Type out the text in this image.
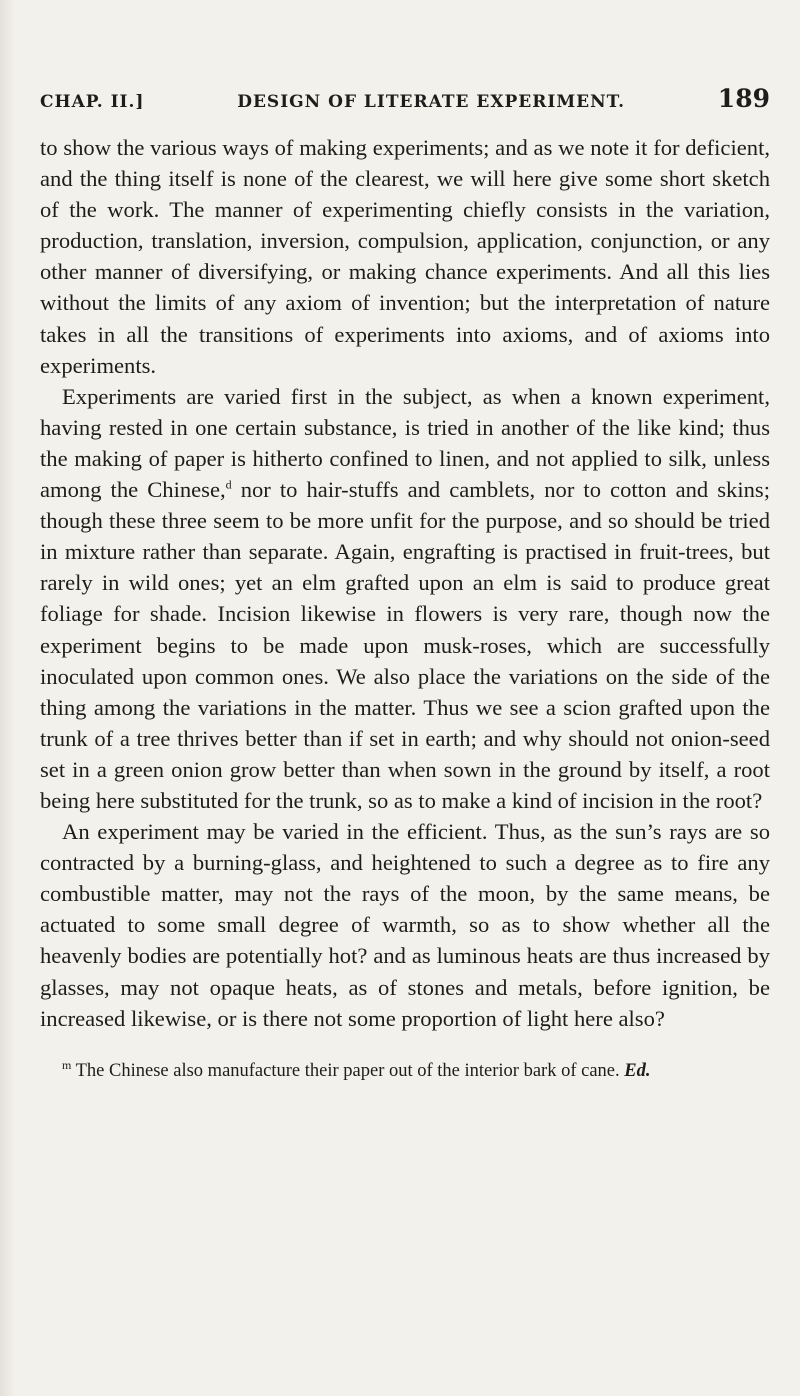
CHAP. II.]	DESIGN OF LITERATE EXPERIMENT.	189

to show the various ways of making experiments; and as we note it for deficient, and the thing itself is none of the clearest, we will here give some short sketch of the work. The manner of experimenting chiefly consists in the variation, production, translation, inversion, compulsion, application, conjunction, or any other manner of diversifying, or making chance experiments. And all this lies without the limits of any axiom of invention; but the interpretation of nature takes in all the transitions of experiments into axioms, and of axioms into experiments.

Experiments are varied first in the subject, as when a known experiment, having rested in one certain substance, is tried in another of the like kind; thus the making of paper is hitherto confined to linen, and not applied to silk, unless among the Chinese,$^d$ nor to hair-stuffs and camblets, nor to cotton and skins; though these three seem to be more unfit for the purpose, and so should be tried in mixture rather than separate. Again, engrafting is practised in fruit-trees, but rarely in wild ones; yet an elm grafted upon an elm is said to produce great foliage for shade. Incision likewise in flowers is very rare, though now the experiment begins to be made upon musk-roses, which are successfully inoculated upon common ones. We also place the variations on the side of the thing among the variations in the matter. Thus we see a scion grafted upon the trunk of a tree thrives better than if set in earth; and why should not onion-seed set in a green onion grow better than when sown in the ground by itself, a root being here substituted for the trunk, so as to make a kind of incision in the root?

An experiment may be varied in the efficient. Thus, as the sun’s rays are so contracted by a burning-glass, and heightened to such a degree as to fire any combustible matter, may not the rays of the moon, by the same means, be actuated to some small degree of warmth, so as to show whether all the heavenly bodies are potentially hot? and as luminous heats are thus increased by glasses, may not opaque heats, as of stones and metals, before ignition, be increased likewise, or is there not some proportion of light here also?

$^m$ The Chinese also manufacture their paper out of the interior bark of cane. Ed.
